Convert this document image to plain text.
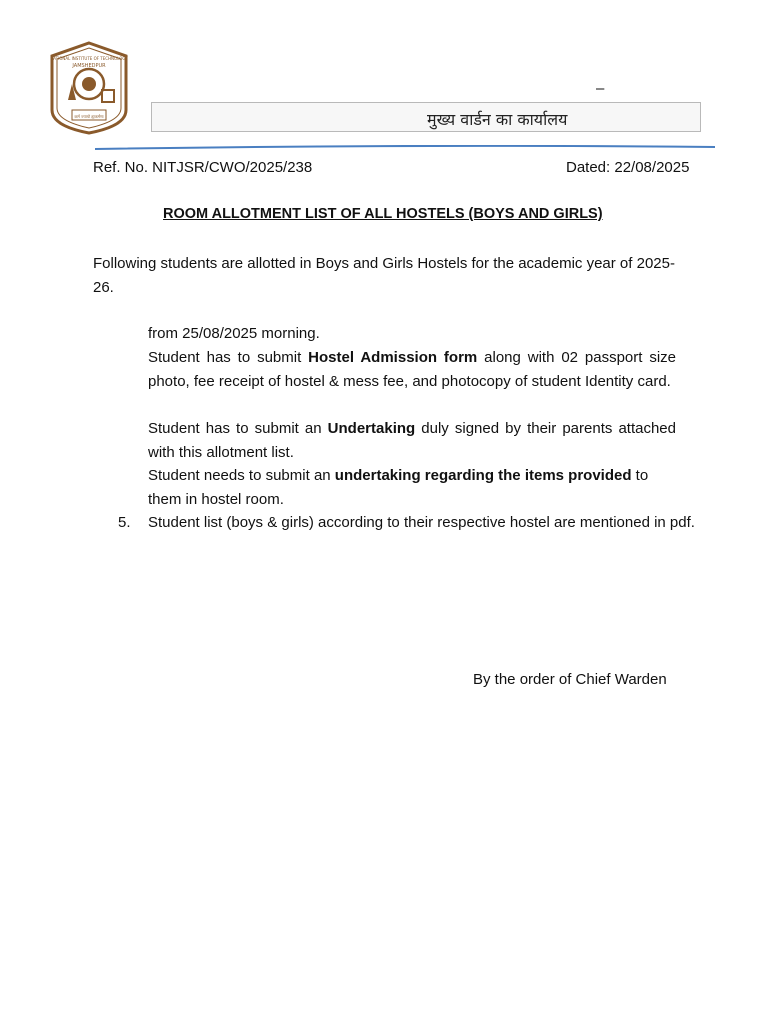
NATIONAL INSTITUTE OF TECHNOLOGY
JAMSHEDPUR
कर्म ज्यायो ह्यकर्मणः
–
मुख्य वार्डन का कार्यालय
Ref. No. NITJSR/CWO/2025/238	Dated: 22/08/2025
ROOM ALLOTMENT LIST OF ALL HOSTELS (BOYS AND GIRLS)
Following students are allotted in Boys and Girls Hostels for the academic year of 2025-26.
from 25/08/2025 morning.
Student has to submit Hostel Admission form along with 02 passport size photo, fee receipt of hostel & mess fee, and photocopy of student Identity card.
Student has to submit an Undertaking duly signed by their parents attached with this allotment list.
Student needs to submit an undertaking regarding the items provided to them in hostel room.
5. Student list (boys & girls) according to their respective hostel are mentioned in pdf.
By the order of Chief Warden
